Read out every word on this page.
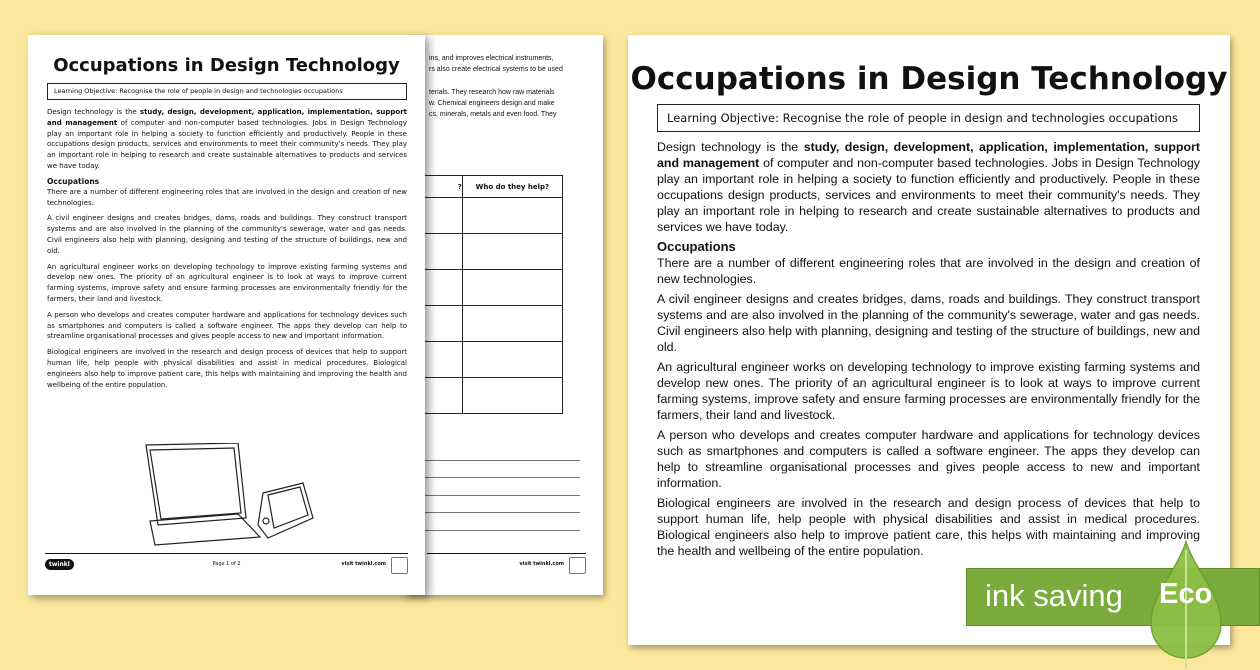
ins, and improves electrical instruments,

rs also create electrical systems to be used

terials. They research how raw materials

w. Chemical engineers design and make

cs, minerals, metals and even food. They

?	Who do they help?

visit twinkl.com
Occupations in Design Technology
Learning Objective: Recognise the role of people in design and technologies occupations

Design technology is the study, design, development, application, implementation, support and management of computer and non-computer based technologies. Jobs in Design Technology play an important role in helping a society to function efficiently and productively. People in these occupations design products, services and environments to meet their community's needs. They play an important role in helping to research and create sustainable alternatives to products and services we have today.

Occupations

There are a number of different engineering roles that are involved in the design and creation of new technologies.

A civil engineer designs and creates bridges, dams, roads and buildings. They construct transport systems and are also involved in the planning of the community's sewerage, water and gas needs. Civil engineers also help with planning, designing and testing of the structure of buildings, new and old.

An agricultural engineer works on developing technology to improve existing farming systems and develop new ones. The priority of an agricultural engineer is to look at ways to improve current farming systems, improve safety and ensure farming processes are environmentally friendly for the farmers, their land and livestock.

A person who develops and creates computer hardware and applications for technology devices such as smartphones and computers is called a software engineer. The apps they develop can help to streamline organisational processes and gives people access to new and important information.

Biological engineers are involved in the research and design process of devices that help to support human life, help people with physical disabilities and assist in medical procedures. Biological engineers also help to improve patient care, this helps with maintaining and improving the health and wellbeing of the entire population.

twinkl	Page 1 of 2	visit twinkl.com
Occupations in Design Technology
Learning Objective: Recognise the role of people in design and technologies occupations

Design technology is the study, design, development, application, implementation, support and management of computer and non-computer based technologies. Jobs in Design Technology play an important role in helping a society to function efficiently and productively. People in these occupations design products, services and environments to meet their community's needs. They play an important role in helping to research and create sustainable alternatives to products and services we have today.

Occupations

There are a number of different engineering roles that are involved in the design and creation of new technologies.

A civil engineer designs and creates bridges, dams, roads and buildings. They construct transport systems and are also involved in the planning of the community's sewerage, water and gas needs. Civil engineers also help with planning, designing and testing of the structure of buildings, new and old.

An agricultural engineer works on developing technology to improve existing farming systems and develop new ones. The priority of an agricultural engineer is to look at ways to improve current farming systems, improve safety and ensure farming processes are environmentally friendly for the farmers, their land and livestock.

A person who develops and creates computer hardware and applications for technology devices such as smartphones and computers is called a software engineer. The apps they develop can help to streamline organisational processes and gives people access to new and important information.

Biological engineers are involved in the research and design process of devices that help to support human life, help people with physical disabilities and assist in medical procedures. Biological engineers also help to improve patient care, this helps with maintaining and improving the health and wellbeing of the entire population.

ink saving Eco
